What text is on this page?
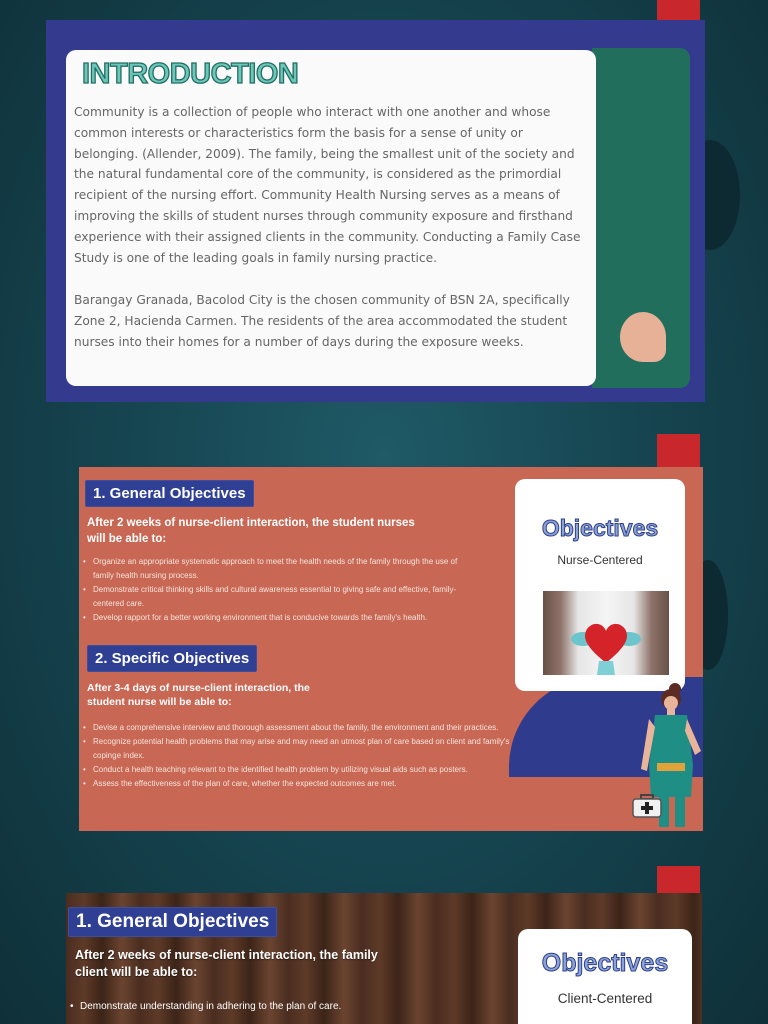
INTRODUCTION

Community is a collection of people who interact with one another and whose common interests or characteristics form the basis for a sense of unity or belonging. (Allender, 2009). The family, being the smallest unit of the society and the natural fundamental core of the community, is considered as the primordial recipient of the nursing effort. Community Health Nursing serves as a means of improving the skills of student nurses through community exposure and firsthand experience with their assigned clients in the community. Conducting a Family Case Study is one of the leading goals in family nursing practice.

Barangay Granada, Bacolod City is the chosen community of BSN 2A, specifically Zone 2, Hacienda Carmen. The residents of the area accommodated the student nurses into their homes for a number of days during the exposure weeks.

1. General Objectives

After 2 weeks of nurse-client interaction, the student nurses will be able to:

• Organize an appropriate systematic approach to meet the health needs of the family through the use of family health nursing process.
• Demonstrate critical thinking skills and cultural awareness essential to giving safe and effective, family-centered care.
• Develop rapport for a better working environment that is conducive towards the family's health.
2. Specific Objectives

After 3-4 days of nurse-client interaction, the student nurse will be able to:

• Devise a comprehensive interview and thorough assessment about the family, the environment and their practices.
• Recognize potential health problems that may arise and may need an utmost plan of care based on client and family's copinge index.
• Conduct a health teaching relevant to the identified health problem by utilizing visual aids such as posters.
• Assess the effectiveness of the plan of care, whether the expected outcomes are met.
Objectives

Nurse-Centered

1. General Objectives

After 2 weeks of nurse-client interaction, the family client will be able to:

• Demonstrate understanding in adhering to the plan of care.
Objectives

Client-Centered
